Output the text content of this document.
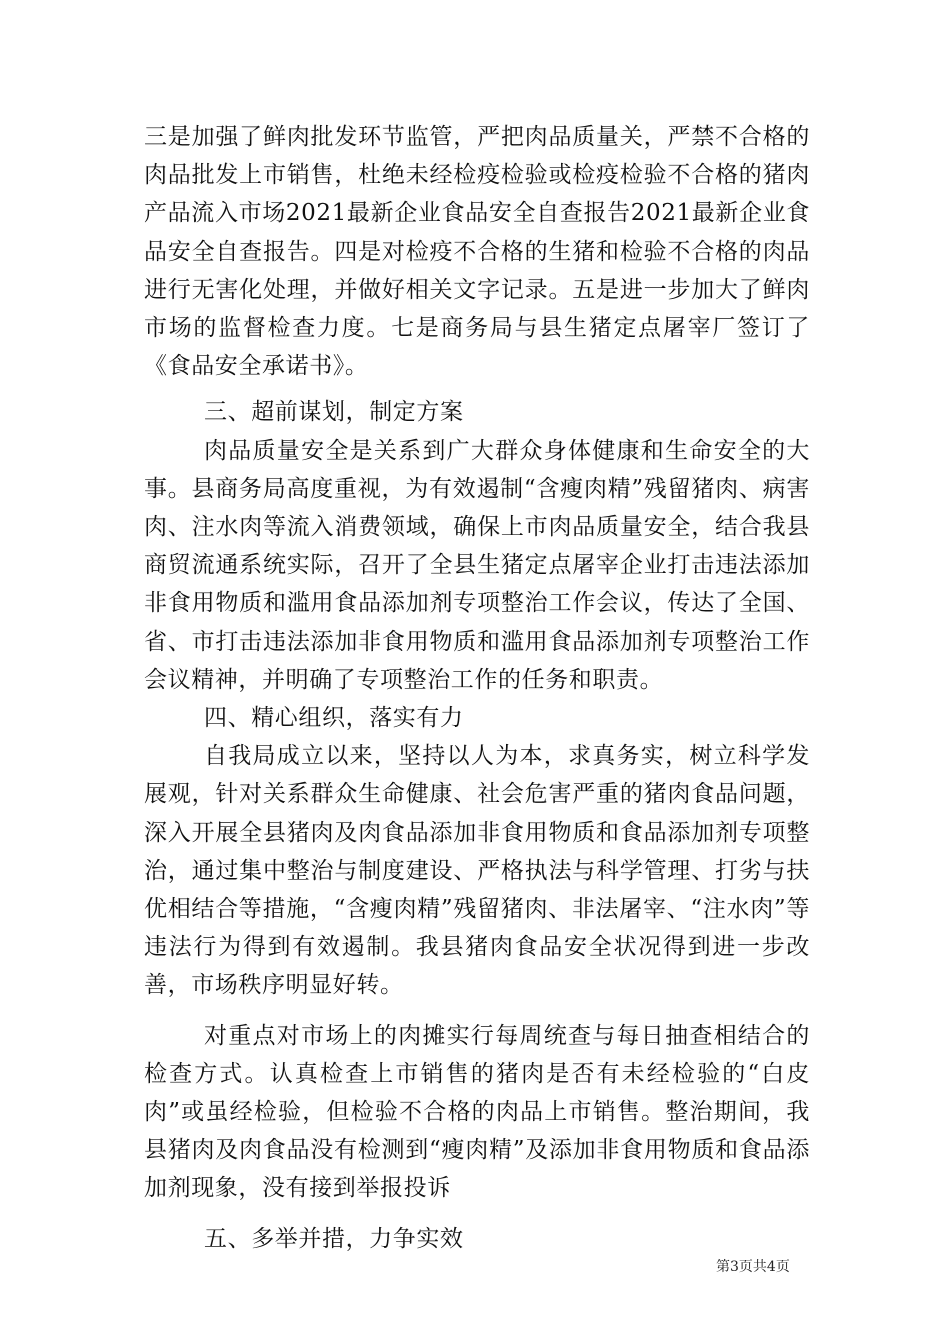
三是加强了鲜肉批发环节监管，严把肉品质量关，严禁不合格的肉品批发上市销售，杜绝未经检疫检验或检疫检验不合格的猪肉产品流入市场2021最新企业食品安全自查报告2021最新企业食品安全自查报告。四是对检疫不合格的生猪和检验不合格的肉品进行无害化处理，并做好相关文字记录。五是进一步加大了鲜肉市场的监督检查力度。七是商务局与县生猪定点屠宰厂签订了《食品安全承诺书》。

三、超前谋划，制定方案

肉品质量安全是关系到广大群众身体健康和生命安全的大事。县商务局高度重视，为有效遏制“含瘦肉精”残留猪肉、病害肉、注水肉等流入消费领域，确保上市肉品质量安全，结合我县商贸流通系统实际，召开了全县生猪定点屠宰企业打击违法添加非食用物质和滥用食品添加剂专项整治工作会议，传达了全国、省、市打击违法添加非食用物质和滥用食品添加剂专项整治工作会议精神，并明确了专项整治工作的任务和职责。

四、精心组织，落实有力

自我局成立以来，坚持以人为本，求真务实，树立科学发展观，针对关系群众生命健康、社会危害严重的猪肉食品问题，深入开展全县猪肉及肉食品添加非食用物质和食品添加剂专项整治，通过集中整治与制度建设、严格执法与科学管理、打劣与扶优相结合等措施，“含瘦肉精”残留猪肉、非法屠宰、“注水肉”等违法行为得到有效遏制。我县猪肉食品安全状况得到进一步改善，市场秩序明显好转。

对重点对市场上的肉摊实行每周统查与每日抽查相结合的检查方式。认真检查上市销售的猪肉是否有未经检验的“白皮肉”或虽经检验，但检验不合格的肉品上市销售。整治期间，我县猪肉及肉食品没有检测到“瘦肉精”及添加非食用物质和食品添加剂现象，没有接到举报投诉

五、多举并措，力争实效

第3页共4页
